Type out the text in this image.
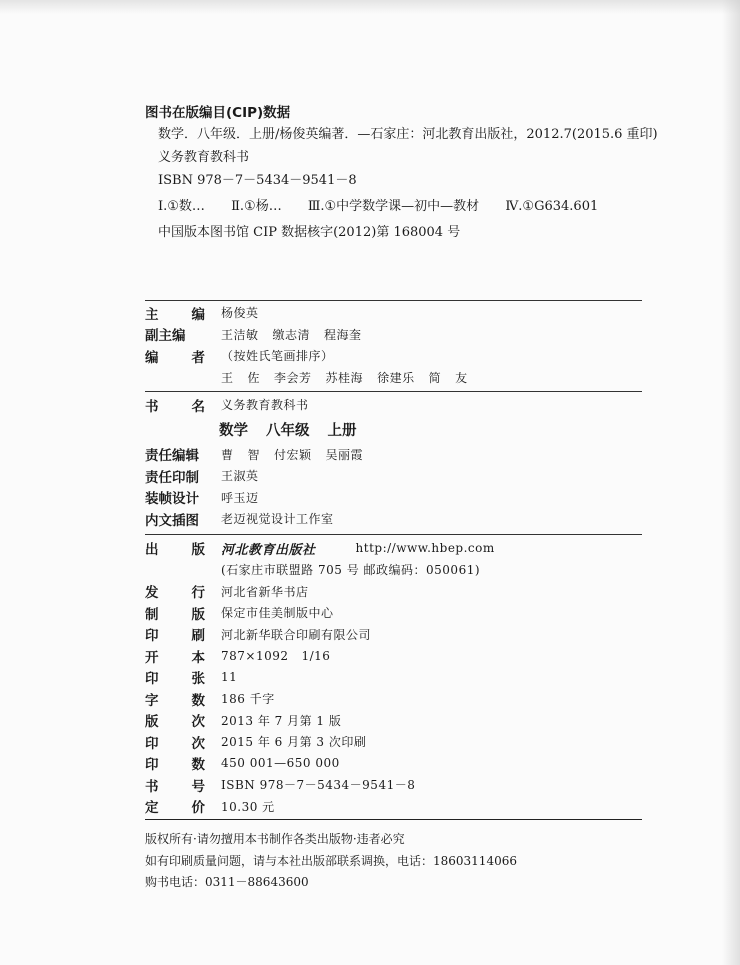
图书在版编目(CIP)数据
数学．八年级．上册/杨俊英编著．—石家庄：河北教育出版社，2012.7(2015.6 重印)
义务教育教科书
ISBN 978－7－5434－9541－8
Ⅰ.①数… Ⅱ.①杨… Ⅲ.①中学数学课—初中—教材 Ⅳ.①G634.601
中国版本图书馆 CIP 数据核字(2012)第 168004 号
主 编 杨俊英
副主编	王洁敏 缴志清 程海奎
编 者 （按姓氏笔画排序）
王 佐 李会芳 苏桂海 徐建乐 简 友
书 名 义务教育教科书
数学 八年级 上册
责任编辑 曹 智 付宏颖 吴丽霞
责任印制 王淑英
装帧设计 呼玉迈
内文插图 老迈视觉设计工作室
出 版 河北教育出版社	http://www.hbep.com
(石家庄市联盟路 705 号 邮政编码：050061)
发 行 河北省新华书店
制 版 保定市佳美制版中心
印 刷 河北新华联合印刷有限公司
开 本 787×1092   1/16
印 张 11
字 数 186 千字
版 次 2013 年 7 月第 1 版
印 次 2015 年 6 月第 3 次印刷
印 数 450 001—650 000
书 号 ISBN 978－7－5434－9541－8
定 价 10.30 元
版权所有·请勿擅用本书制作各类出版物·违者必究
如有印刷质量问题，请与本社出版部联系调换，电话：18603114066
购书电话：0311－88643600
